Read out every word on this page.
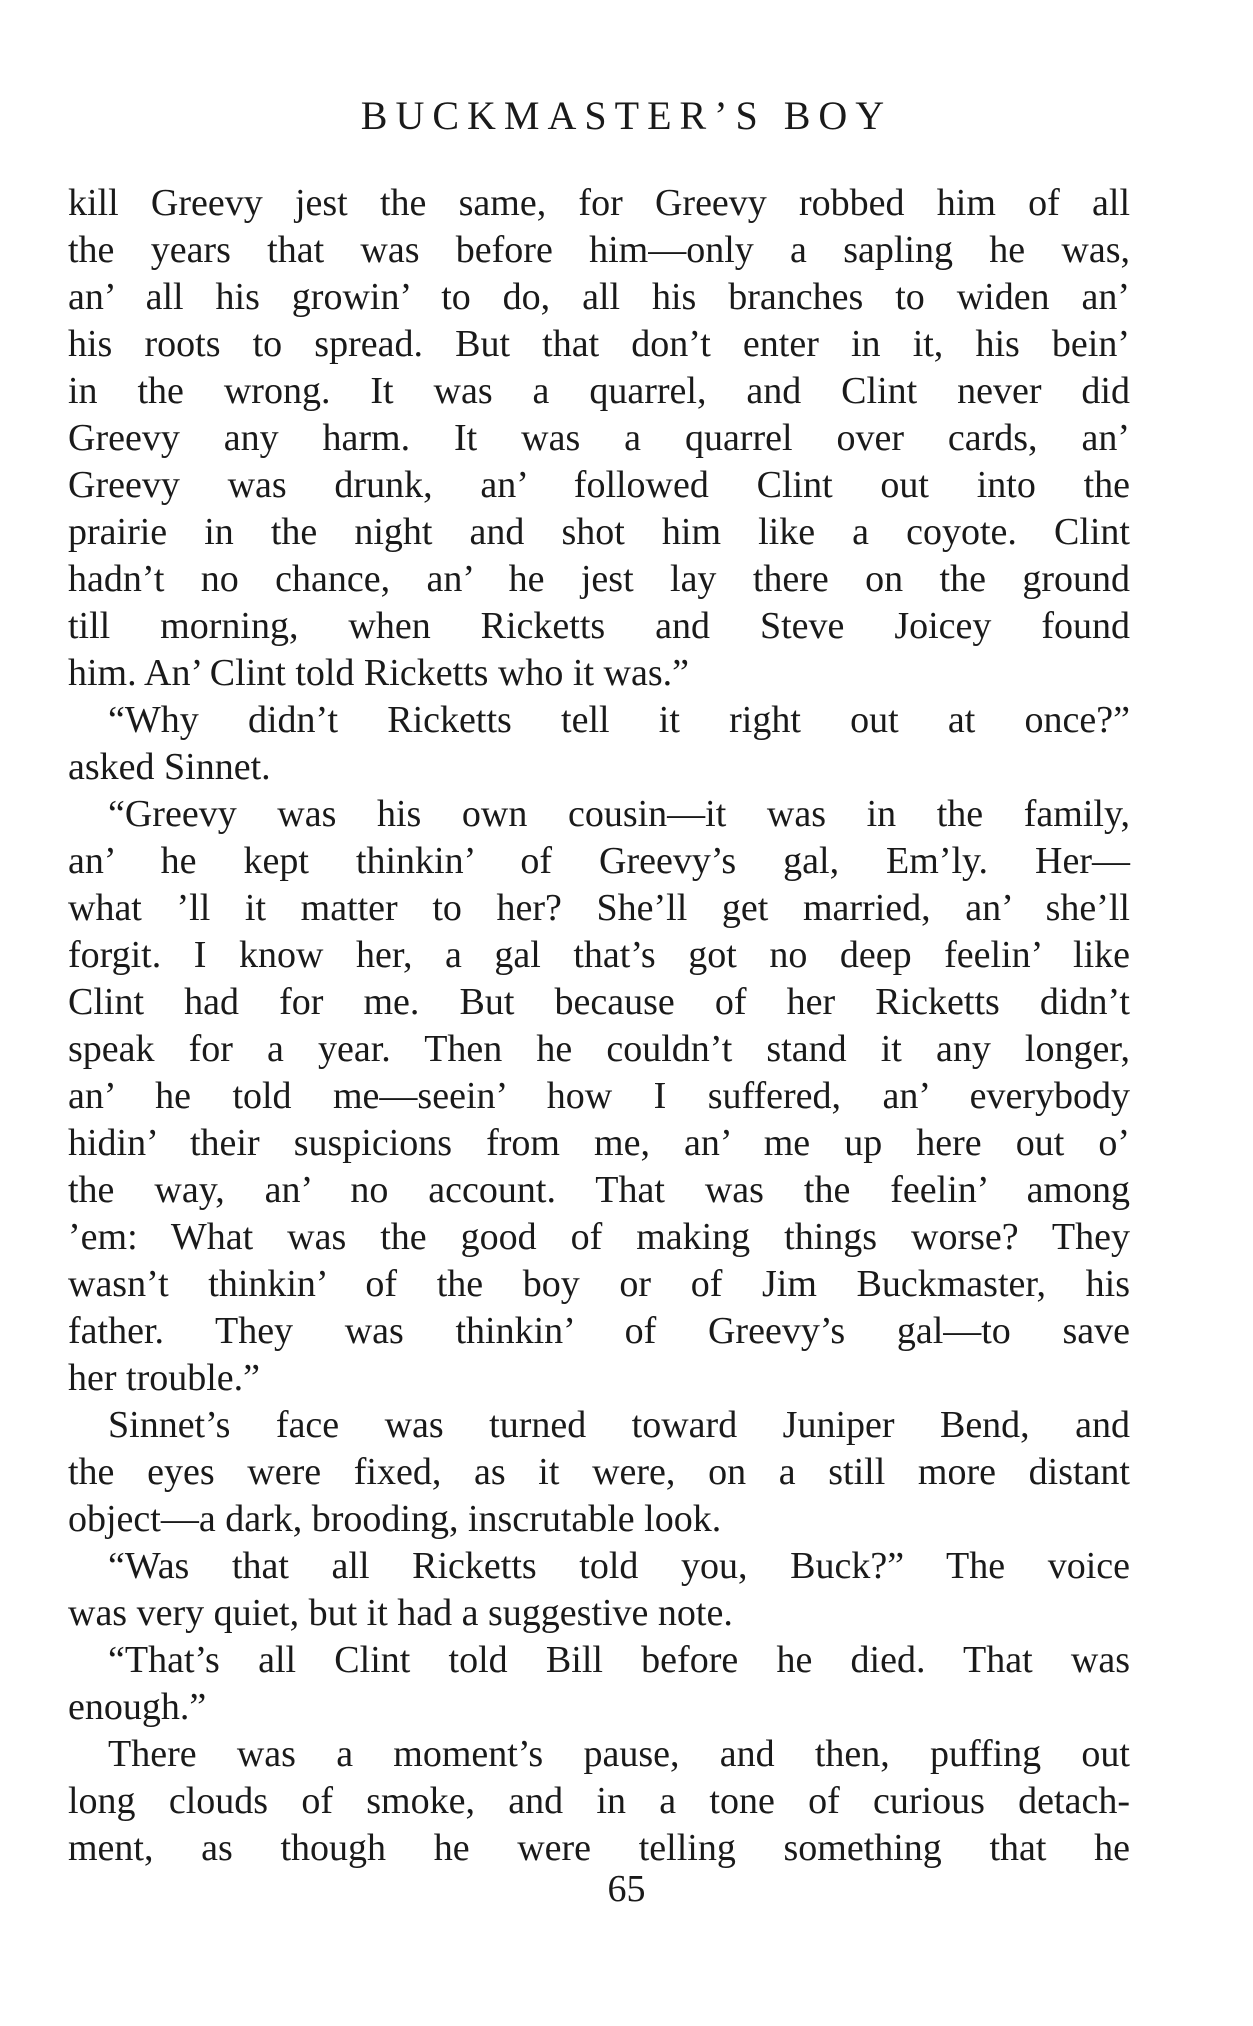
BUCKMASTER’S BOY
kill Greevy jest the same, for Greevy robbed him of all
the years that was before him—only a sapling he was,
an’ all his growin’ to do, all his branches to widen an’
his roots to spread. But that don’t enter in it, his bein’
in the wrong. It was a quarrel, and Clint never did
Greevy any harm. It was a quarrel over cards, an’
Greevy was drunk, an’ followed Clint out into the
prairie in the night and shot him like a coyote. Clint
hadn’t no chance, an’ he jest lay there on the ground
till morning, when Ricketts and Steve Joicey found
him. An’ Clint told Ricketts who it was.”
“Why didn’t Ricketts tell it right out at once?”
asked Sinnet.
“Greevy was his own cousin—it was in the family,
an’ he kept thinkin’ of Greevy’s gal, Em’ly. Her—
what ’ll it matter to her? She’ll get married, an’ she’ll
forgit. I know her, a gal that’s got no deep feelin’ like
Clint had for me. But because of her Ricketts didn’t
speak for a year. Then he couldn’t stand it any longer,
an’ he told me—seein’ how I suffered, an’ everybody
hidin’ their suspicions from me, an’ me up here out o’
the way, an’ no account. That was the feelin’ among
’em: What was the good of making things worse? They
wasn’t thinkin’ of the boy or of Jim Buckmaster, his
father. They was thinkin’ of Greevy’s gal—to save
her trouble.”
Sinnet’s face was turned toward Juniper Bend, and
the eyes were fixed, as it were, on a still more distant
object—a dark, brooding, inscrutable look.
“Was that all Ricketts told you, Buck?” The voice
was very quiet, but it had a suggestive note.
“That’s all Clint told Bill before he died. That was
enough.”
There was a moment’s pause, and then, puffing out
long clouds of smoke, and in a tone of curious detach-
ment, as though he were telling something that he
65
